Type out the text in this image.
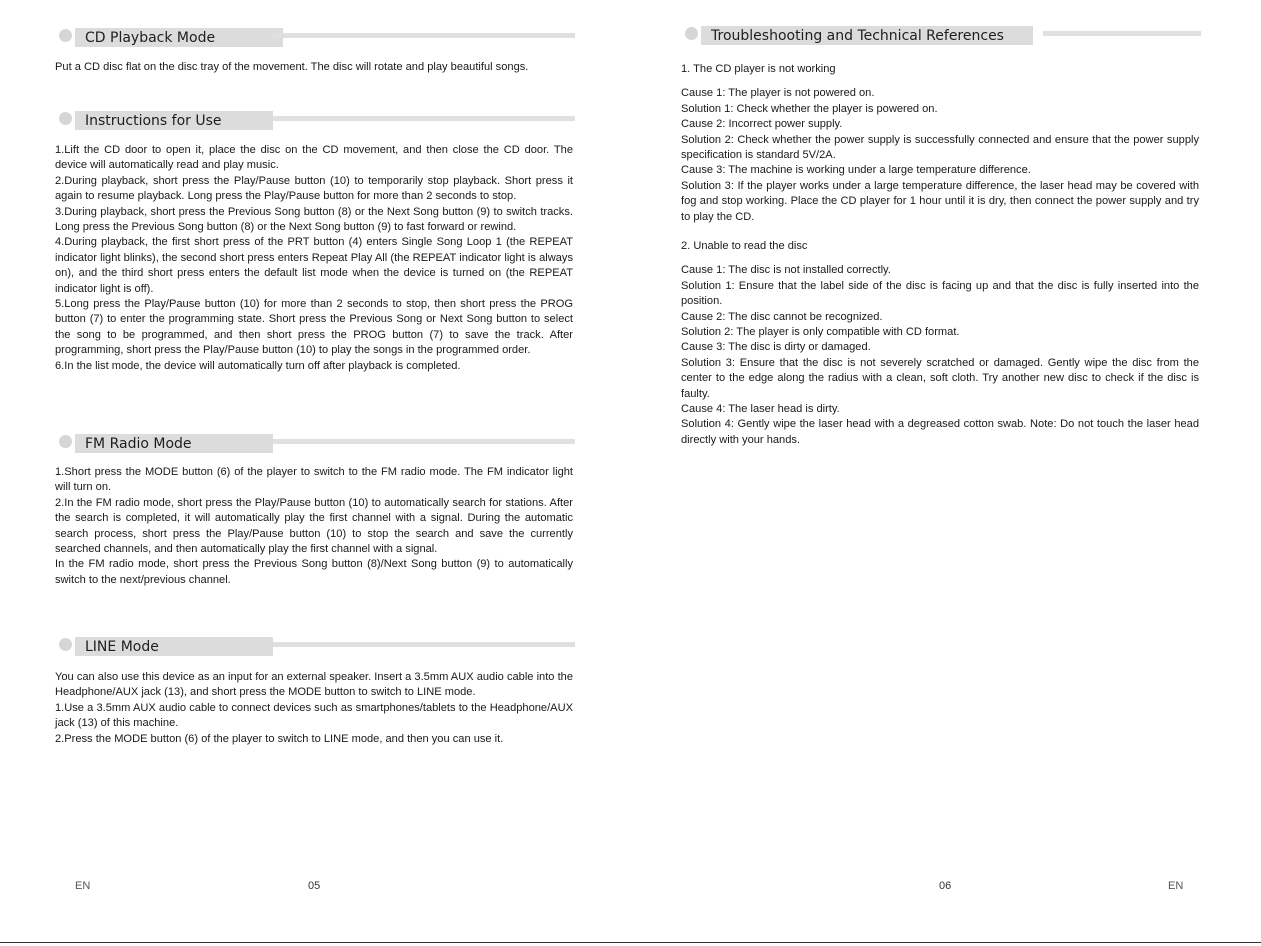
CD Playback Mode

Put a CD disc flat on the disc tray of the movement. The disc will rotate and play beautiful songs.

Instructions for Use

1.Lift the CD door to open it, place the disc on the CD movement, and then close the CD door. The device will automatically read and play music.

2.During playback, short press the Play/Pause button (10) to temporarily stop playback. Short press it again to resume playback. Long press the Play/Pause button for more than 2 seconds to stop.

3.During playback, short press the Previous Song button (8) or the Next Song button (9) to switch tracks. Long press the Previous Song button (8) or the Next Song button (9) to fast forward or rewind.

4.During playback, the first short press of the PRT button (4) enters Single Song Loop 1 (the REPEAT indicator light blinks), the second short press enters Repeat Play All (the REPEAT indicator light is always on), and the third short press enters the default list mode when the device is turned on (the REPEAT indicator light is off).

5.Long press the Play/Pause button (10) for more than 2 seconds to stop, then short press the PROG button (7) to enter the programming state. Short press the Previous Song or Next Song button to select the song to be programmed, and then short press the PROG button (7) to save the track. After programming, short press the Play/Pause button (10) to play the songs in the programmed order.

6.In the list mode, the device will automatically turn off after playback is completed.

FM Radio Mode

1.Short press the MODE button (6) of the player to switch to the FM radio mode. The FM indicator light will turn on.

2.In the FM radio mode, short press the Play/Pause button (10) to automatically search for stations. After the search is completed, it will automatically play the first channel with a signal. During the automatic search process, short press the Play/Pause button (10) to stop the search and save the currently searched channels, and then automatically play the first channel with a signal.

In the FM radio mode, short press the Previous Song button (8)/Next Song button (9) to automatically switch to the next/previous channel.

LINE Mode

You can also use this device as an input for an external speaker. Insert a 3.5mm AUX audio cable into the Headphone/AUX jack (13), and short press the MODE button to switch to LINE mode.

1.Use a 3.5mm AUX audio cable to connect devices such as smartphones/tablets to the Headphone/AUX jack (13) of this machine.

2.Press the MODE button (6) of the player to switch to LINE mode, and then you can use it.

EN	05
Troubleshooting and Technical References

1. The CD player is not working

Cause 1: The player is not powered on.

Solution 1: Check whether the player is powered on.

Cause 2: Incorrect power supply.

Solution 2: Check whether the power supply is successfully connected and ensure that the power supply specification is standard 5V/2A.

Cause 3: The machine is working under a large temperature difference.

Solution 3: If the player works under a large temperature difference, the laser head may be covered with fog and stop working. Place the CD player for 1 hour until it is dry, then connect the power supply and try to play the CD.

2. Unable to read the disc

Cause 1: The disc is not installed correctly.

Solution 1: Ensure that the label side of the disc is facing up and that the disc is fully inserted into the position.

Cause 2: The disc cannot be recognized.

Solution 2: The player is only compatible with CD format.

Cause 3: The disc is dirty or damaged.

Solution 3: Ensure that the disc is not severely scratched or damaged. Gently wipe the disc from the center to the edge along the radius with a clean, soft cloth. Try another new disc to check if the disc is faulty.

Cause 4: The laser head is dirty.

Solution 4: Gently wipe the laser head with a degreased cotton swab. Note: Do not touch the laser head directly with your hands.

06	EN
